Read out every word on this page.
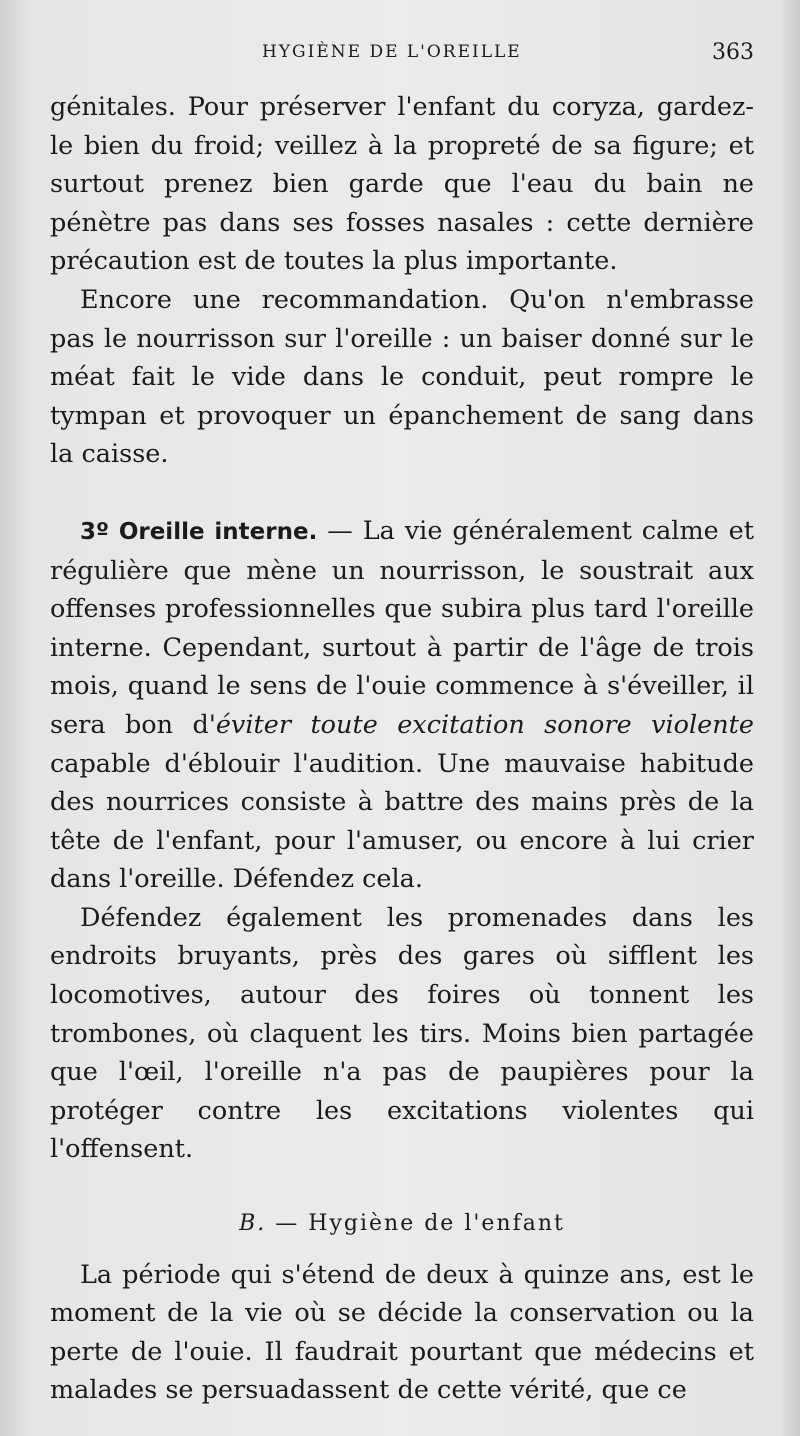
HYGIÈNE DE L'OREILLE	363

génitales. Pour préserver l'enfant du coryza, gardez-le bien du froid; veillez à la propreté de sa figure; et surtout prenez bien garde que l'eau du bain ne pénètre pas dans ses fosses nasales : cette dernière précaution est de toutes la plus importante.

Encore une recommandation. Qu'on n'embrasse pas le nourrisson sur l'oreille : un baiser donné sur le méat fait le vide dans le conduit, peut rompre le tympan et provoquer un épanchement de sang dans la caisse.

3º Oreille interne. — La vie généralement calme et régulière que mène un nourrisson, le soustrait aux offenses professionnelles que subira plus tard l'oreille interne. Cependant, surtout à partir de l'âge de trois mois, quand le sens de l'ouie commence à s'éveiller, il sera bon d'éviter toute excitation sonore violente capable d'éblouir l'audition. Une mauvaise habitude des nourrices consiste à battre des mains près de la tête de l'enfant, pour l'amuser, ou encore à lui crier dans l'oreille. Défendez cela.

Défendez également les promenades dans les endroits bruyants, près des gares où sifflent les locomotives, autour des foires où tonnent les trombones, où claquent les tirs. Moins bien partagée que l'œil, l'oreille n'a pas de paupières pour la protéger contre les excitations violentes qui l'offensent.

B. — Hygiène de l'enfant

La période qui s'étend de deux à quinze ans, est le moment de la vie où se décide la conservation ou la perte de l'ouie. Il faudrait pourtant que médecins et malades se persuadassent de cette vérité, que ce
